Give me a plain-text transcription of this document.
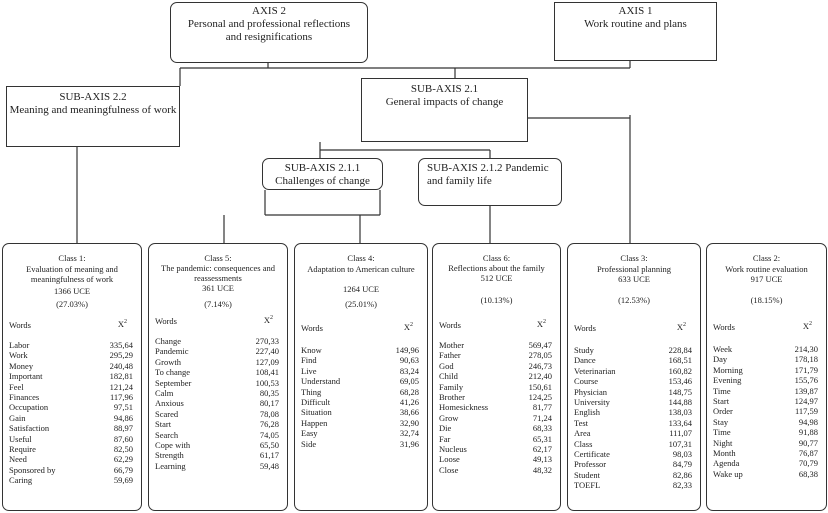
AXIS 2
Personal and professional reflections and resignifications
AXIS 1
Work routine and plans
SUB-AXIS 2.2
Meaning and meaningfulness of work
SUB-AXIS 2.1
General impacts of change
SUB-AXIS 2.1.1
Challenges of change
SUB-AXIS 2.1.2 Pandemic and family life
Class 1:
Evaluation of meaning and meaningfulness of work
1366 UCE
(27.03%)
Words	$X^2$
Labor	335,64
Work	295,29
Money	240,48
Important	182,81
Feel	121,24
Finances	117,96
Occupation	97,51
Gain	94,86
Satisfaction	88,97
Useful	87,60
Require	82,50
Need	62,29
Sponsored by	66,79
Caring	59,69
Class 5:
The pandemic: consequences and reassessments
361 UCE
(7.14%)
Words	$X^2$
Change	270,33
Pandemic	227,40
Growth	127,09
To change	108,41
September	100,53
Calm	80,35
Anxious	80,17
Scared	78,08
Start	76,28
Search	74,05
Cope with	65,50
Strength	61,17
Learning	59,48
Class 4:
Adaptation to American culture
1264 UCE
(25.01%)
Words	$X^2$
Know	149,96
Find	90,63
Live	83,24
Understand	69,05
Thing	68,28
Difficult	41,26
Situation	38,66
Happen	32,90
Easy	32,74
Side	31,96
Class 6:
Reflections about the family
512 UCE
(10.13%)
Words	$X^2$
Mother	569,47
Father	278,05
God	246,73
Child	212,40
Family	150,61
Brother	124,25
Homesickness	81,77
Grow	71,24
Die	68,33
Far	65,31
Nucleus	62,17
Loose	49,13
Close	48,32
Class 3:
Professional planning
633 UCE
(12.53%)
Words	$X^2$
Study	228,84
Dance	168,51
Veterinarian	160,82
Course	153,46
Physician	148,75
University	144,88
English	138,03
Test	133,64
Area	111,07
Class	107,31
Certificate	98,03
Professor	84,79
Student	82,86
TOEFL	82,33
Class 2:
Work routine evaluation
917 UCE
(18.15%)
Words	$X^2$
Week	214,30
Day	178,18
Morning	171,79
Evening	155,76
Time	139,87
Start	124,97
Order	117,59
Stay	94,98
Time	91,88
Night	90,77
Month	76,87
Agenda	70,79
Wake up	68,38
